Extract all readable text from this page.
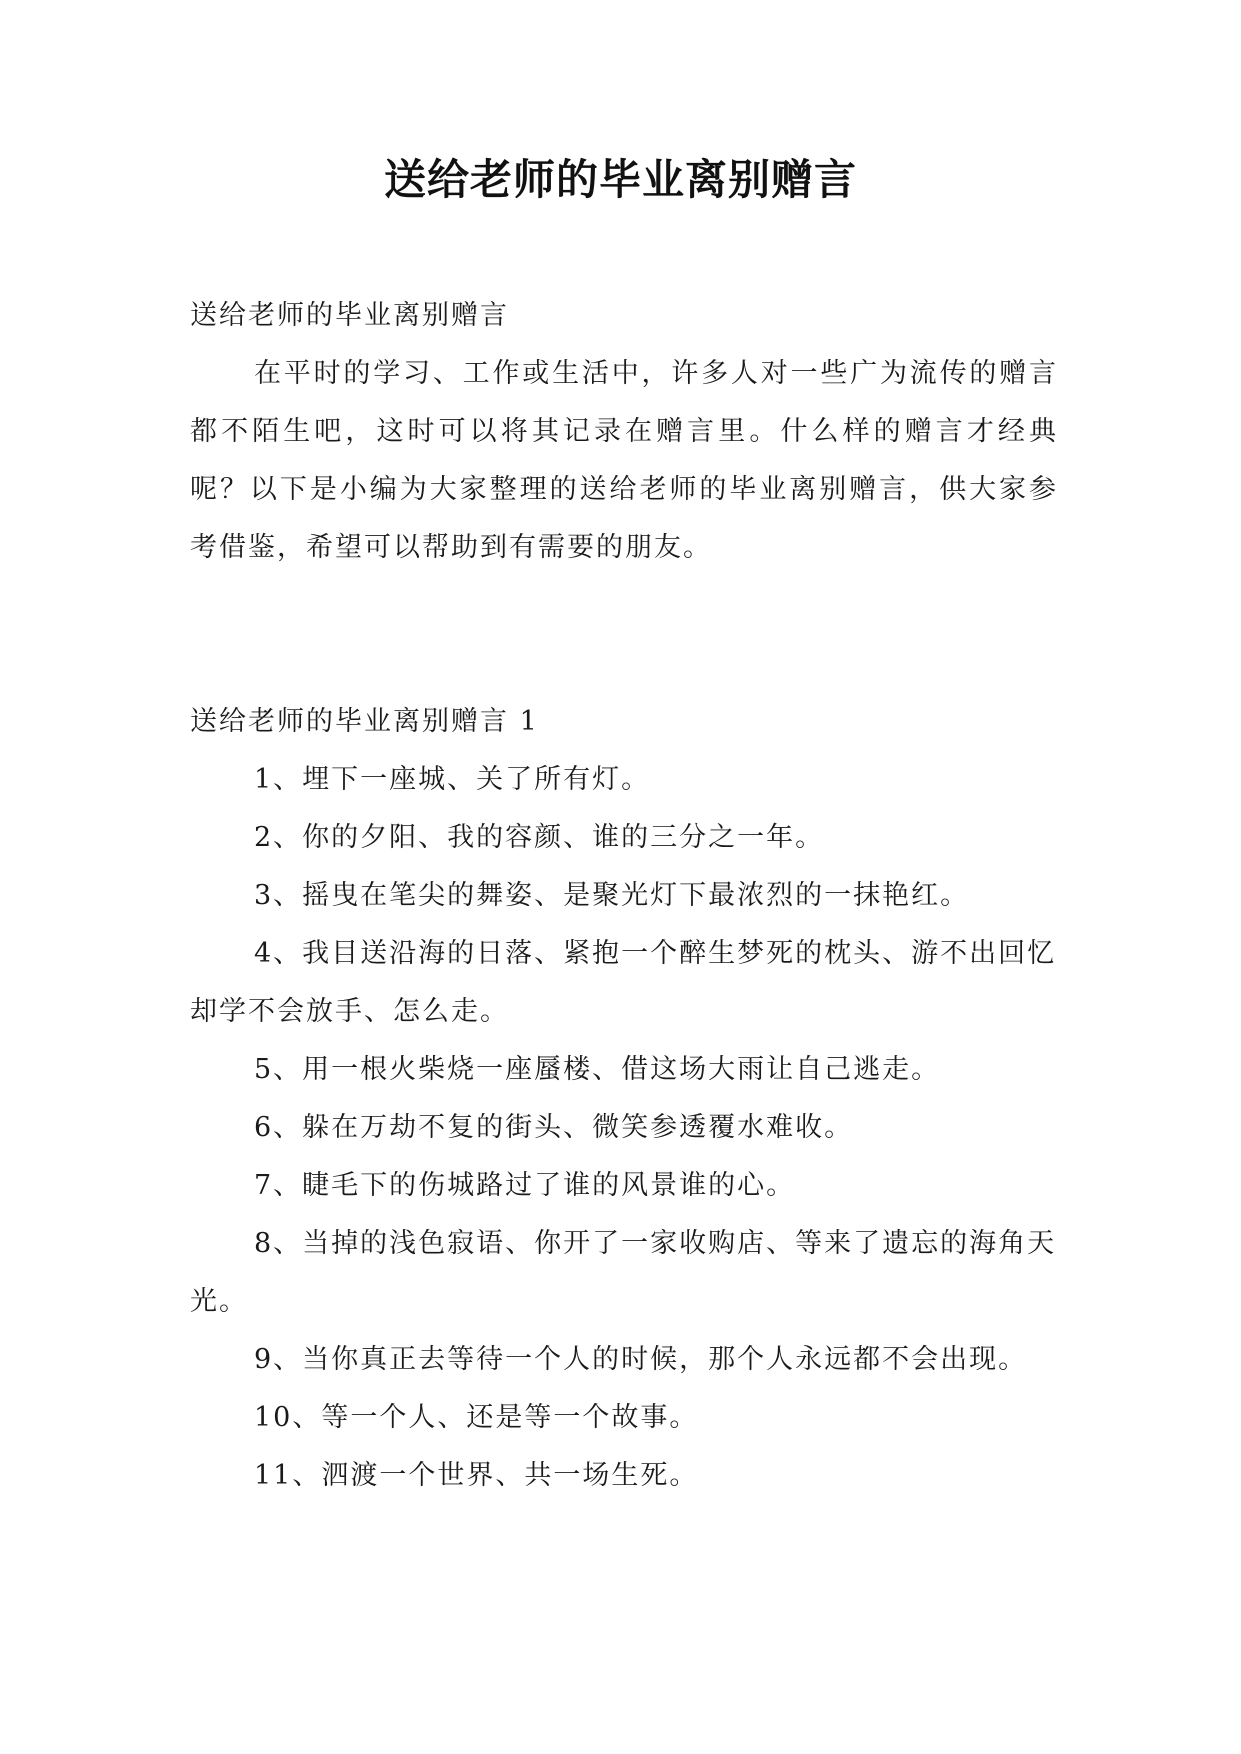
送给老师的毕业离别赠言

送给老师的毕业离别赠言

在平时的学习、工作或生活中，许多人对一些广为流传的赠言都不陌生吧，这时可以将其记录在赠言里。什么样的赠言才经典呢？以下是小编为大家整理的送给老师的毕业离别赠言，供大家参考借鉴，希望可以帮助到有需要的朋友。

送给老师的毕业离别赠言 1

1、埋下一座城、关了所有灯。

2、你的夕阳、我的容颜、谁的三分之一年。

3、摇曳在笔尖的舞姿、是聚光灯下最浓烈的一抹艳红。

4、我目送沿海的日落、紧抱一个醉生梦死的枕头、游不出回忆却学不会放手、怎么走。

5、用一根火柴烧一座蜃楼、借这场大雨让自己逃走。

6、躲在万劫不复的街头、微笑参透覆水难收。

7、睫毛下的伤城路过了谁的风景谁的心。

8、当掉的浅色寂语、你开了一家收购店、等来了遗忘的海角天光。

9、当你真正去等待一个人的时候，那个人永远都不会出现。

10、等一个人、还是等一个故事。

11、泗渡一个世界、共一场生死。
